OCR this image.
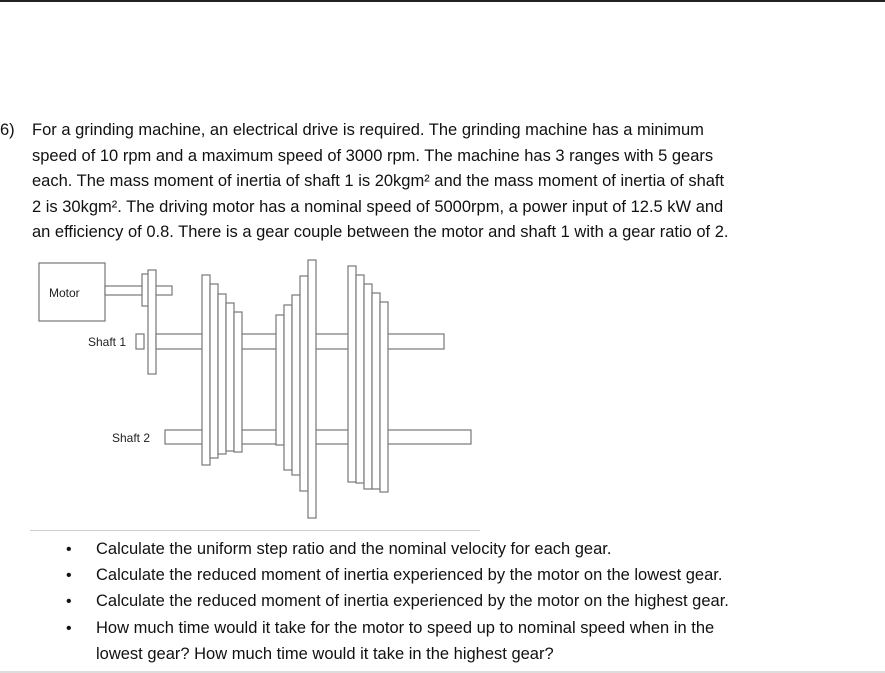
6) For a grinding machine, an electrical drive is required. The grinding machine has a minimum
speed of 10 rpm and a maximum speed of 3000 rpm. The machine has 3 ranges with 5 gears
each. The mass moment of inertia of shaft 1 is 20kgm² and the mass moment of inertia of shaft
2 is 30kgm². The driving motor has a nominal speed of 5000rpm, a power input of 12.5 kW and
an efficiency of 0.8. There is a gear couple between the motor and shaft 1 with a gear ratio of 2.
Motor
Shaft 1
Shaft 2
•	Calculate the uniform step ratio and the nominal velocity for each gear.
•	Calculate the reduced moment of inertia experienced by the motor on the lowest gear.
•	Calculate the reduced moment of inertia experienced by the motor on the highest gear.
•	How much time would it take for the motor to speed up to nominal speed when in the
lowest gear? How much time would it take in the highest gear?
